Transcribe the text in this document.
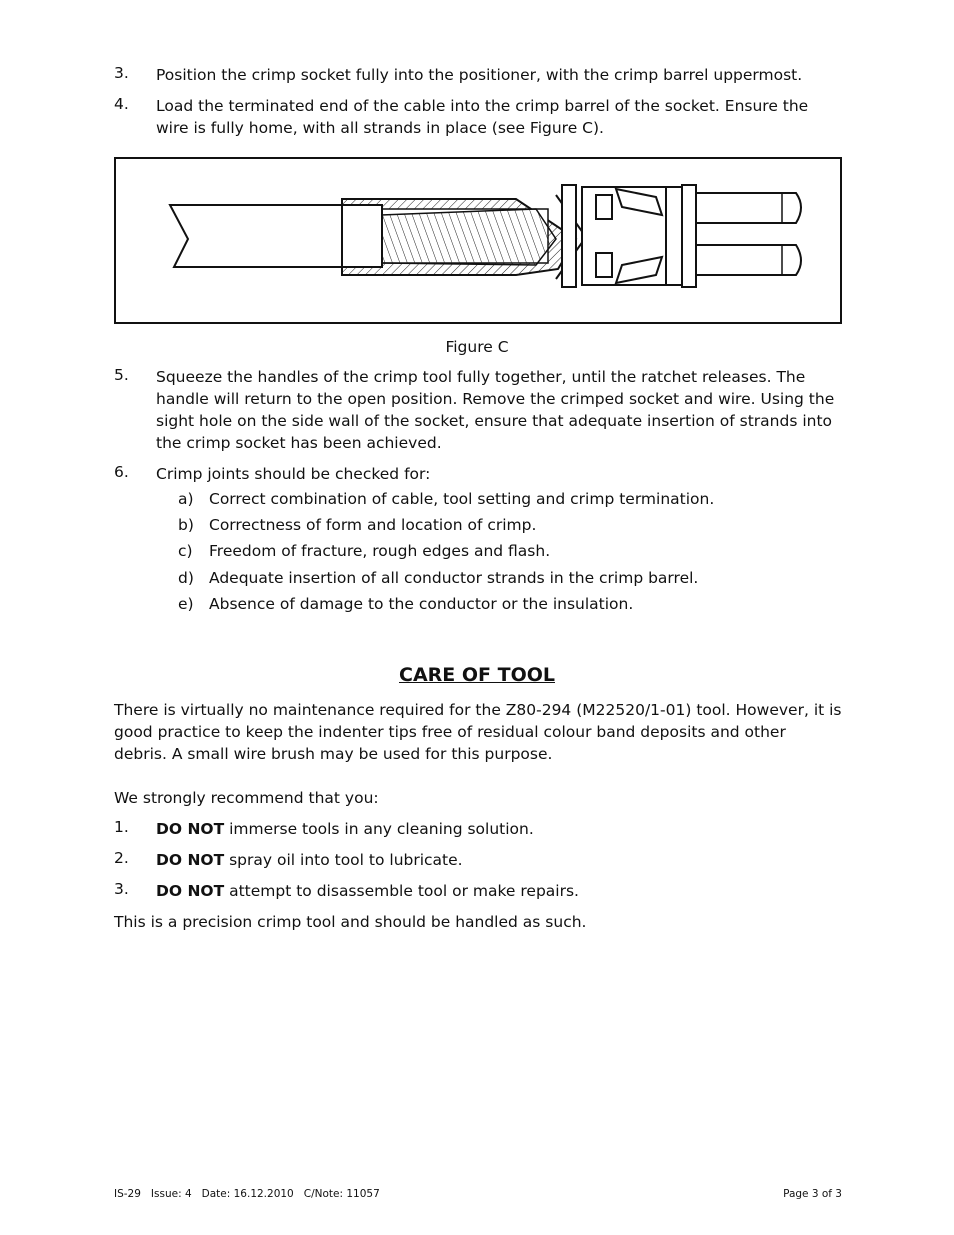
3. Position the crimp socket fully into the positioner, with the crimp barrel uppermost.
4. Load the terminated end of the cable into the crimp barrel of the socket. Ensure the wire is fully home, with all strands in place (see Figure C).
Figure C
5. Squeeze the handles of the crimp tool fully together, until the ratchet releases. The handle will return to the open position. Remove the crimped socket and wire. Using the sight hole on the side wall of the socket, ensure that adequate insertion of strands into the crimp socket has been achieved.
6. Crimp joints should be checked for:
a) Correct combination of cable, tool setting and crimp termination.
b) Correctness of form and location of crimp.
c) Freedom of fracture, rough edges and flash.
d) Adequate insertion of all conductor strands in the crimp barrel.
e) Absence of damage to the conductor or the insulation.
CARE OF TOOL
There is virtually no maintenance required for the Z80-294 (M22520/1-01) tool. However, it is good practice to keep the indenter tips free of residual colour band deposits and other debris. A small wire brush may be used for this purpose.
We strongly recommend that you:
1. DO NOT immerse tools in any cleaning solution.
2. DO NOT spray oil into tool to lubricate.
3. DO NOT attempt to disassemble tool or make repairs.
This is a precision crimp tool and should be handled as such.
IS-29   Issue: 4   Date: 16.12.2010   C/Note: 11057	Page 3 of 3
